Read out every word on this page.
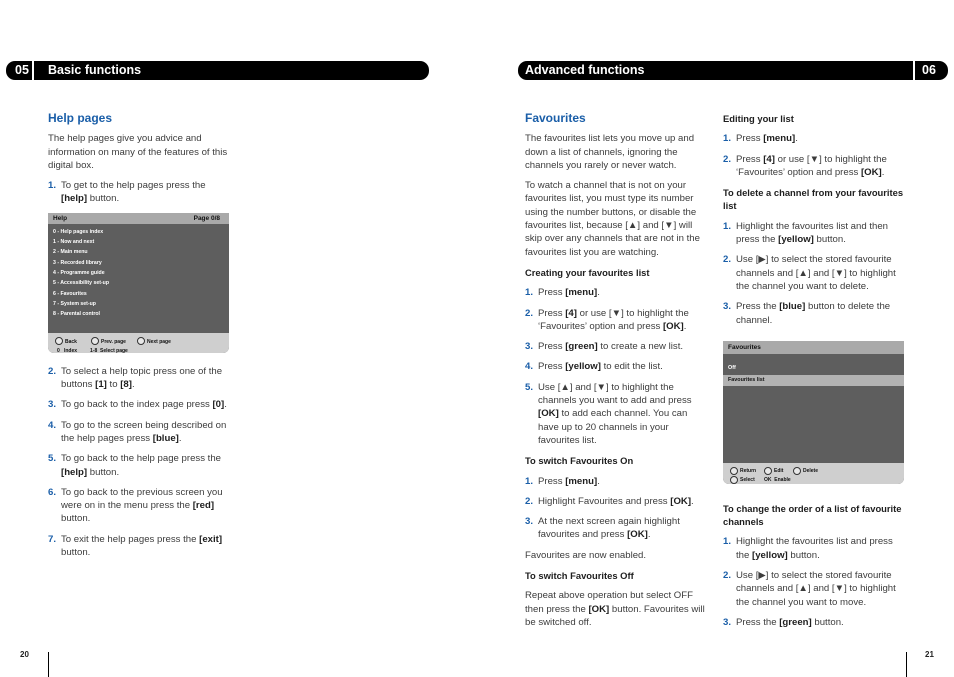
05 Basic functions	Advanced functions	06
Help pages

The help pages give you advice and information on many of the features of this digital box.

1. To get to the help pages press the [help] button.
Help	Page 0/8
0 - Help pages index
1 - Now and next
2 - Main menu
3 - Recorded library
4 - Programme guide
5 - Accessibility set-up
6 - Favourites
7 - System set-up
8 - Parental control
Back	Prev. page	Next page
0 Index	1-8 Select page
2. To select a help topic press one of the buttons [1] to [8].
3. To go back to the index page press [0].
4. To go to the screen being described on the help pages press [blue].
5. To go back to the help page press the [help] button.
6. To go back to the previous screen you were on in the menu press the [red] button.
7. To exit the help pages press the [exit] button.
Favourites

The favourites list lets you move up and down a list of channels, ignoring the channels you rarely or never watch.

To watch a channel that is not on your favourites list, you must type its number using the number buttons, or disable the favourites list, because [▲] and [▼] will skip over any channels that are not in the favourites list you are watching.

Creating your favourites list
1. Press [menu].
2. Press [4] or use [▼] to highlight the ‘Favourites’ option and press [OK].
3. Press [green] to create a new list.
4. Press [yellow] to edit the list.
5. Use [▲] and [▼] to highlight the channels you want to add and press [OK] to add each channel. You can have up to 20 channels in your favourites list.
To switch Favourites On
1. Press [menu].
2. Highlight Favourites and press [OK].
3. At the next screen again highlight favourites and press [OK].

Favourites are now enabled.

To switch Favourites Off

Repeat above operation but select OFF then press the [OK] button. Favourites will be switched off.

Editing your list
1. Press [menu].
2. Press [4] or use [▼] to highlight the ‘Favourites’ option and press [OK].
To delete a channel from your favourites list
1. Highlight the favourites list and then press the [yellow] button.
2. Use [▶] to select the stored favourite channels and [▲] and [▼] to highlight the channel you want to delete.
3. Press the [blue] button to delete the channel.
Favourites
Off
Favourites list
Return	Edit	Delete
Select OK Enable
To change the order of a list of favourite channels
1. Highlight the favourites list and press the [yellow] button.
2. Use [▶] to select the stored favourite channels and [▲] and [▼] to highlight the channel you want to move.
3. Press the [green] button.
20	21
